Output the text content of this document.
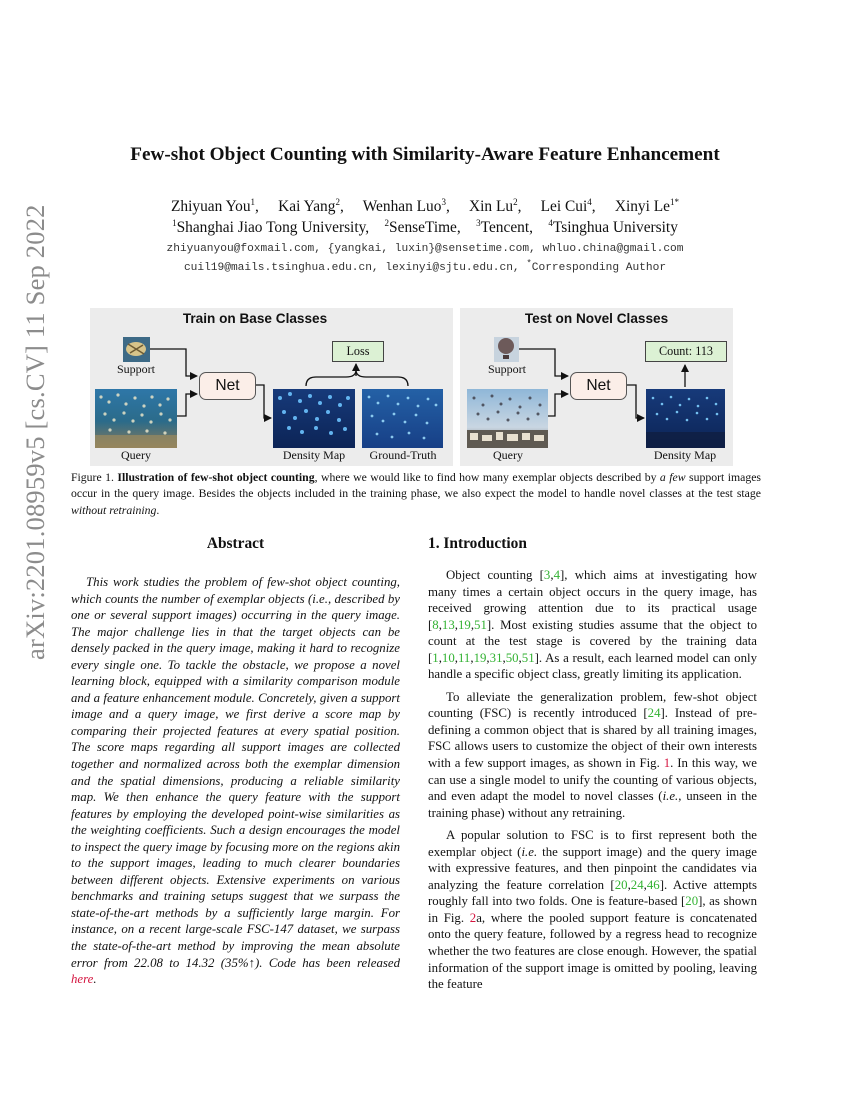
arXiv:2201.08959v5 [cs.CV] 11 Sep 2022
Few-shot Object Counting with Similarity-Aware Feature Enhancement
Zhiyuan You$^1$,     Kai Yang$^2$,     Wenhan Luo$^3$,     Xin Lu$^2$,     Lei Cui$^4$,     Xinyi $Le^{1*}$
$^1$Shanghai Jiao Tong University, $^2$SenseTime, $^3$Tencent, $^4$Tsinghua University
zhiyuanyou@foxmail.com, {yangkai, luxin}@sensetime.com, whluo.china@gmail.com
cuil19@mails.tsinghua.edu.cn, lexinyi@sjtu.edu.cn, *Corresponding Author
Train on Base Classes	Test on Novel Classes
Net	Net
Loss	Count: 113
Support
Query	Density Map	Ground-Truth
Support
Query	Density Map
Figure 1. Illustration of few-shot object counting, where we would like to find how many exemplar objects described by a few support images occur in the query image. Besides the objects included in the training phase, we also expect the model to handle novel classes at the test stage without retraining.
Abstract
This work studies the problem of few-shot object counting, which counts the number of exemplar objects (i.e., described by one or several support images) occurring in the query image. The major challenge lies in that the target objects can be densely packed in the query image, making it hard to recognize every single one. To tackle the obstacle, we propose a novel learning block, equipped with a similarity comparison module and a feature enhancement module. Concretely, given a support image and a query image, we first derive a score map by comparing their projected features at every spatial position. The score maps regarding all support images are collected together and normalized across both the exemplar dimension and the spatial dimensions, producing a reliable similarity map. We then enhance the query feature with the support features by employing the developed point-wise similarities as the weighting coefficients. Such a design encourages the model to inspect the query image by focusing more on the regions akin to the support images, leading to much clearer boundaries between different objects. Extensive experiments on various benchmarks and training setups suggest that we surpass the state-of-the-art methods by a sufficiently large margin. For instance, on a recent large-scale FSC-147 dataset, we surpass the state-of-the-art method by improving the mean absolute error from 22.08 to 14.32 (35%↑). Code has been released here.
1. Introduction

Object counting [3,4], which aims at investigating how many times a certain object occurs in the query image, has received growing attention due to its practical usage [8,13,19,51]. Most existing studies assume that the object to count at the test stage is covered by the training data [1,10,11,19,31,50,51]. As a result, each learned model can only handle a specific object class, greatly limiting its application.

To alleviate the generalization problem, few-shot object counting (FSC) is recently introduced [24]. Instead of pre-defining a common object that is shared by all training images, FSC allows users to customize the object of their own interests with a few support images, as shown in Fig. 1. In this way, we can use a single model to unify the counting of various objects, and even adapt the model to novel classes (i.e., unseen in the training phase) without any retraining.

A popular solution to FSC is to first represent both the exemplar object (i.e. the support image) and the query image with expressive features, and then pinpoint the candidates via analyzing the feature correlation [20,24,46]. Active attempts roughly fall into two folds. One is feature-based [20], as shown in Fig. 2a, where the pooled support feature is concatenated onto the query feature, followed by a regress head to recognize whether the two features are close enough. However, the spatial information of the support image is omitted by pooling, leaving the feature
